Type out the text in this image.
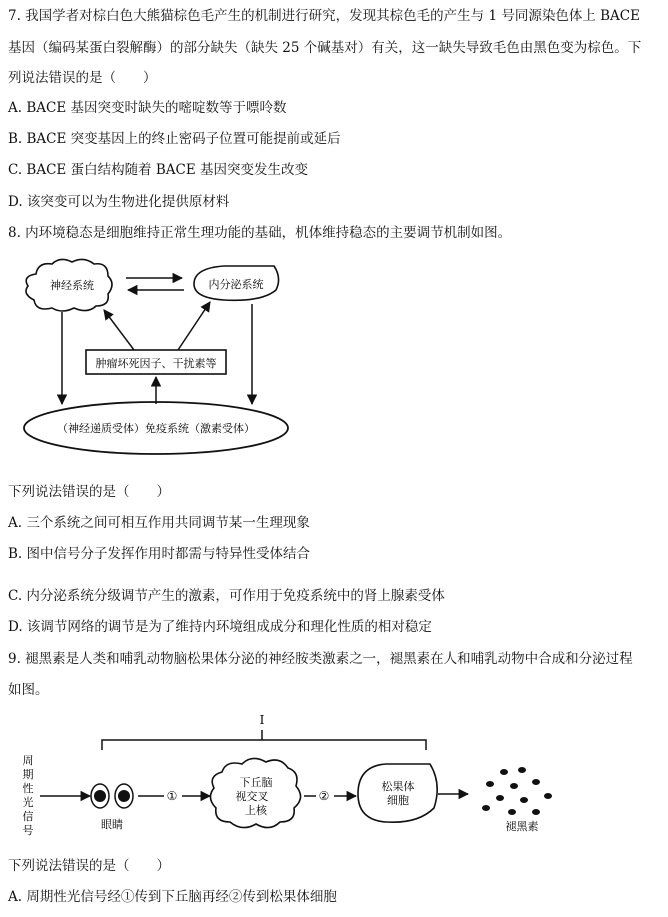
7. 我国学者对棕白色大熊猫棕色毛产生的机制进行研究，发现其棕色毛的产生与 1 号同源染色体上 BACE
基因（编码某蛋白裂解酶）的部分缺失（缺失 25 个碱基对）有关，这一缺失导致毛色由黑色变为棕色。下
列说法错误的是（　　）
A. BACE 基因突变时缺失的嘧啶数等于嘌呤数
B. BACE 突变基因上的终止密码子位置可能提前或延后
C. BACE 蛋白结构随着 BACE 基因突变发生改变
D. 该突变可以为生物进化提供原材料
8. 内环境稳态是细胞维持正常生理功能的基础，机体维持稳态的主要调节机制如图。
神经系统	内分泌系统
肿瘤坏死因子、干扰素等
（神经递质受体）免疫系统（激素受体）
下列说法错误的是（　　）
A. 三个系统之间可相互作用共同调节某一生理现象
B. 图中信号分子发挥作用时都需与特异性受体结合
C. 内分泌系统分级调节产生的激素，可作用于免疫系统中的肾上腺素受体
D. 该调节网络的调节是为了维持内环境组成成分和理化性质的相对稳定
9. 褪黑素是人类和哺乳动物脑松果体分泌的神经胺类激素之一，褪黑素在人和哺乳动物中合成和分泌过程
如图。
I
周
期
性
光
信
号	眼睛
①
下丘脑
视交叉
上核
②
松果体
细胞
褪黑素
下列说法错误的是（　　）
A. 周期性光信号经①传到下丘脑再经②传到松果体细胞
